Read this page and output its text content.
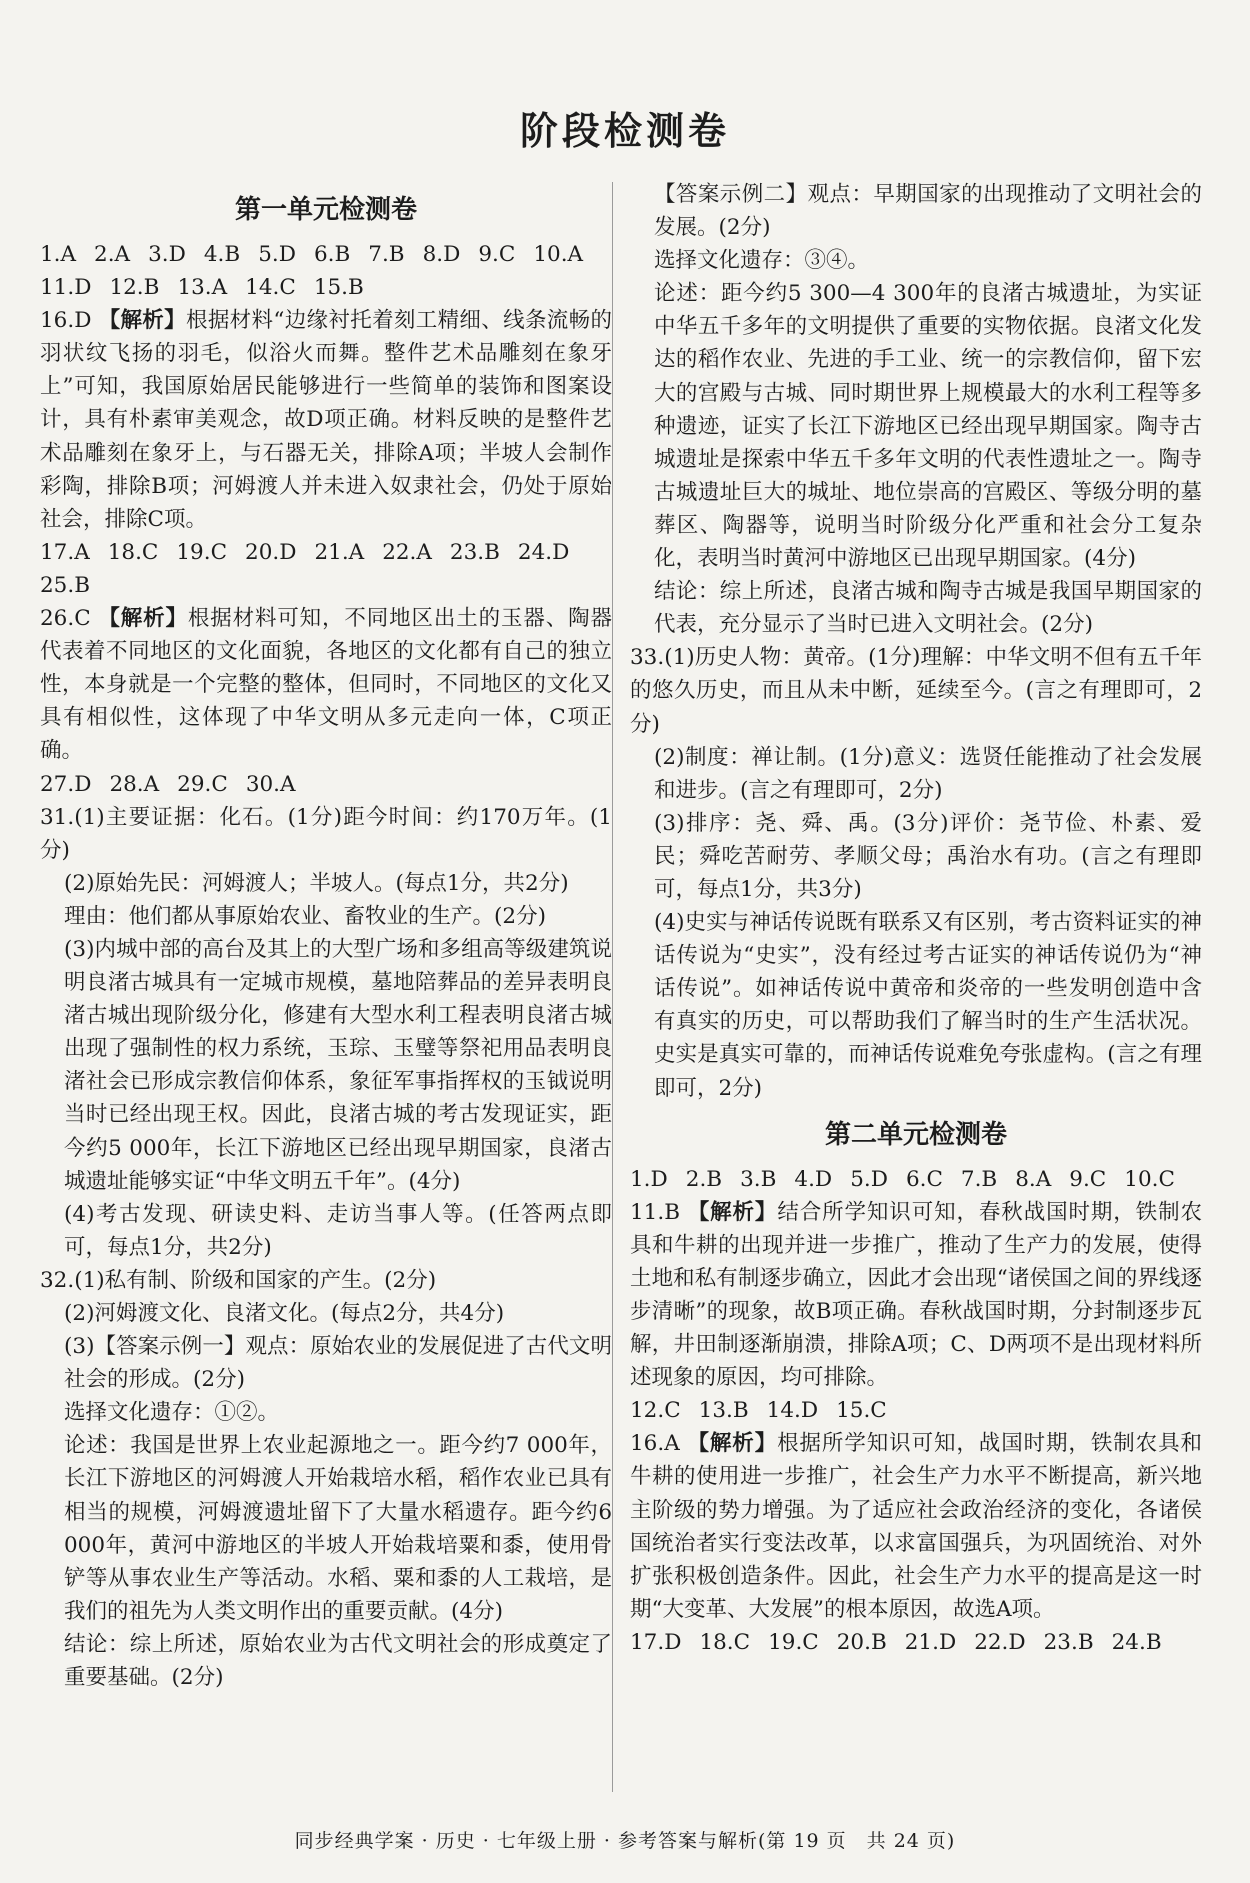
阶段检测卷
第一单元检测卷

1.A 2.A 3.D 4.B 5.D 6.B 7.B 8.D 9.C 10.A

11.D 12.B 13.A 14.C 15.B

16.D 【解析】根据材料“边缘衬托着刻工精细、线条流畅的羽状纹飞扬的羽毛，似浴火而舞。整件艺术品雕刻在象牙上”可知，我国原始居民能够进行一些简单的装饰和图案设计，具有朴素审美观念，故D项正确。材料反映的是整件艺术品雕刻在象牙上，与石器无关，排除A项；半坡人会制作彩陶，排除B项；河姆渡人并未进入奴隶社会，仍处于原始社会，排除C项。

17.A 18.C 19.C 20.D 21.A 22.A 23.B 24.D

25.B

26.C 【解析】根据材料可知，不同地区出土的玉器、陶器代表着不同地区的文化面貌，各地区的文化都有自己的独立性，本身就是一个完整的整体，但同时，不同地区的文化又具有相似性，这体现了中华文明从多元走向一体，C项正确。

27.D 28.A 29.C 30.A

31.(1)主要证据：化石。(1分)距今时间：约170万年。(1分)

(2)原始先民：河姆渡人；半坡人。(每点1分，共2分)

理由：他们都从事原始农业、畜牧业的生产。(2分)

(3)内城中部的高台及其上的大型广场和多组高等级建筑说明良渚古城具有一定城市规模，墓地陪葬品的差异表明良渚古城出现阶级分化，修建有大型水利工程表明良渚古城出现了强制性的权力系统，玉琮、玉璧等祭祀用品表明良渚社会已形成宗教信仰体系，象征军事指挥权的玉钺说明当时已经出现王权。因此，良渚古城的考古发现证实，距今约5 000年，长江下游地区已经出现早期国家，良渚古城遗址能够实证“中华文明五千年”。(4分)

(4)考古发现、研读史料、走访当事人等。(任答两点即可，每点1分，共2分)

32.(1)私有制、阶级和国家的产生。(2分)

(2)河姆渡文化、良渚文化。(每点2分，共4分)

(3)【答案示例一】观点：原始农业的发展促进了古代文明社会的形成。(2分)

选择文化遗存：①②。

论述：我国是世界上农业起源地之一。距今约7 000年，长江下游地区的河姆渡人开始栽培水稻，稻作农业已具有相当的规模，河姆渡遗址留下了大量水稻遗存。距今约6 000年，黄河中游地区的半坡人开始栽培粟和黍，使用骨铲等从事农业生产等活动。水稻、粟和黍的人工栽培，是我们的祖先为人类文明作出的重要贡献。(4分)

结论：综上所述，原始农业为古代文明社会的形成奠定了重要基础。(2分)

【答案示例二】观点：早期国家的出现推动了文明社会的发展。(2分)

选择文化遗存：③④。

论述：距今约5 300—4 300年的良渚古城遗址，为实证中华五千多年的文明提供了重要的实物依据。良渚文化发达的稻作农业、先进的手工业、统一的宗教信仰，留下宏大的宫殿与古城、同时期世界上规模最大的水利工程等多种遗迹，证实了长江下游地区已经出现早期国家。陶寺古城遗址是探索中华五千多年文明的代表性遗址之一。陶寺古城遗址巨大的城址、地位崇高的宫殿区、等级分明的墓葬区、陶器等，说明当时阶级分化严重和社会分工复杂化，表明当时黄河中游地区已出现早期国家。(4分)

结论：综上所述，良渚古城和陶寺古城是我国早期国家的代表，充分显示了当时已进入文明社会。(2分)

33.(1)历史人物：黄帝。(1分)理解：中华文明不但有五千年的悠久历史，而且从未中断，延续至今。(言之有理即可，2分)

(2)制度：禅让制。(1分)意义：选贤任能推动了社会发展和进步。(言之有理即可，2分)

(3)排序：尧、舜、禹。(3分)评价：尧节俭、朴素、爱民；舜吃苦耐劳、孝顺父母；禹治水有功。(言之有理即可，每点1分，共3分)

(4)史实与神话传说既有联系又有区别，考古资料证实的神话传说为“史实”，没有经过考古证实的神话传说仍为“神话传说”。如神话传说中黄帝和炎帝的一些发明创造中含有真实的历史，可以帮助我们了解当时的生产生活状况。史实是真实可靠的，而神话传说难免夸张虚构。(言之有理即可，2分)

第二单元检测卷

1.D 2.B 3.B 4.D 5.D 6.C 7.B 8.A 9.C 10.C

11.B 【解析】结合所学知识可知，春秋战国时期，铁制农具和牛耕的出现并进一步推广，推动了生产力的发展，使得土地和私有制逐步确立，因此才会出现“诸侯国之间的界线逐步清晰”的现象，故B项正确。春秋战国时期，分封制逐步瓦解，井田制逐渐崩溃，排除A项；C、D两项不是出现材料所述现象的原因，均可排除。

12.C 13.B 14.D 15.C

16.A 【解析】根据所学知识可知，战国时期，铁制农具和牛耕的使用进一步推广，社会生产力水平不断提高，新兴地主阶级的势力增强。为了适应社会政治经济的变化，各诸侯国统治者实行变法改革，以求富国强兵，为巩固统治、对外扩张积极创造条件。因此，社会生产力水平的提高是这一时期“大变革、大发展”的根本原因，故选A项。

17.D 18.C 19.C 20.B 21.D 22.D 23.B 24.B

同步经典学案 · 历史 · 七年级上册 · 参考答案与解析(第 19 页　共 24 页)
